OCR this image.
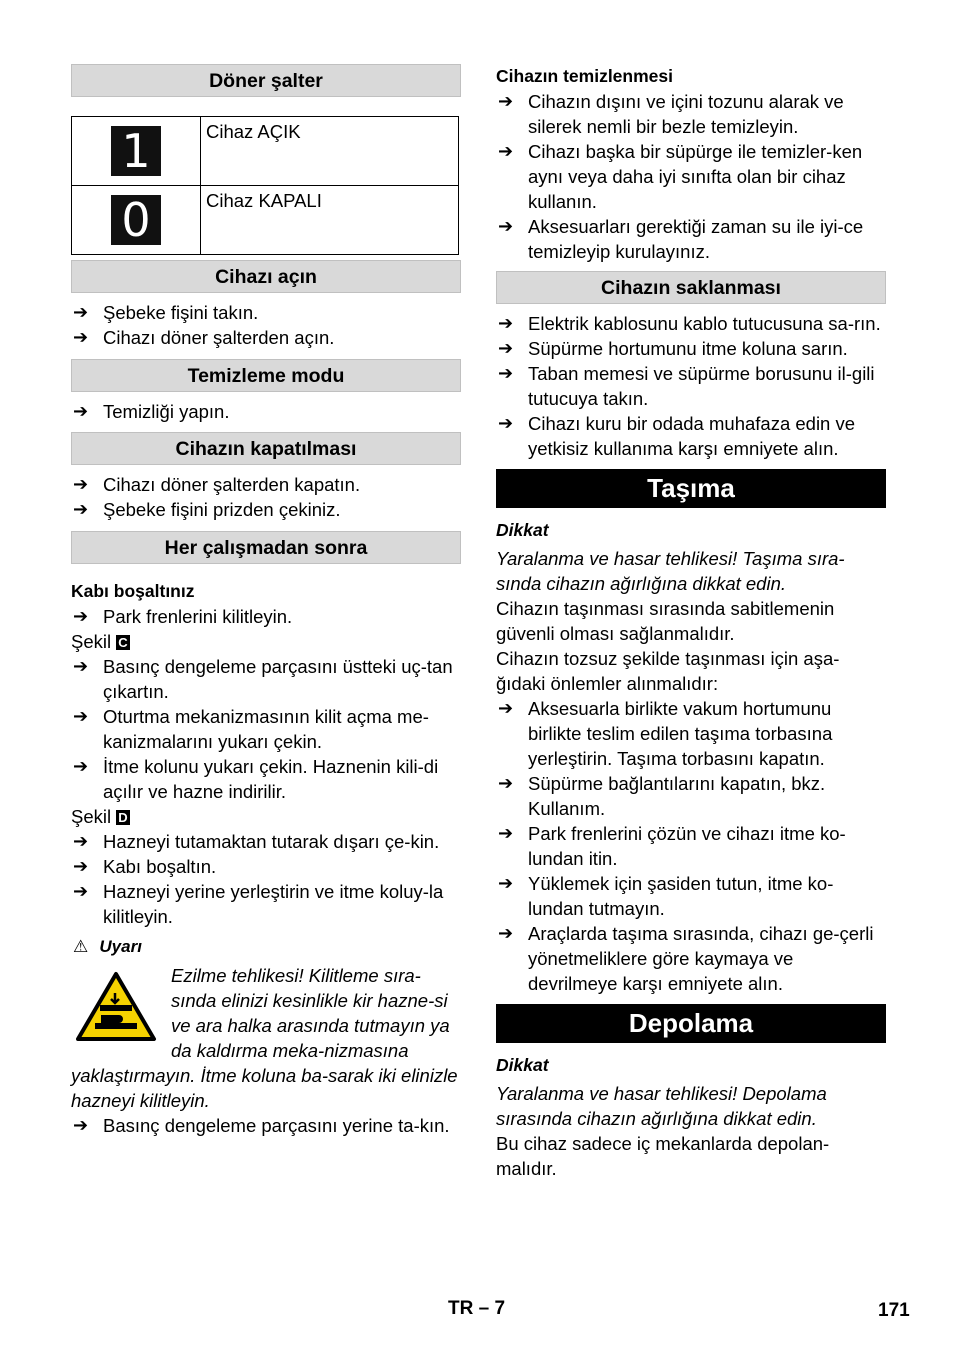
Döner şalter
1	Cihaz AÇIK
0	Cihaz KAPALI
Cihazı açın
➔ Şebeke fişini takın.
➔ Cihazı döner şalterden açın.
Temizleme modu
➔ Temizliği yapın.
Cihazın kapatılması
➔ Cihazı döner şalterden kapatın.
➔ Şebeke fişini prizden çekiniz.
Her çalışmadan sonra
Kabı boşaltınız
➔ Park frenlerini kilitleyin.
Şekil C
➔ Basınç dengeleme parçasını üstteki uç-tan çıkartın.
➔ Oturtma mekanizmasının kilit açma me-kanizmalarını yukarı çekin.
➔ İtme kolunu yukarı çekin. Haznenin kili-di açılır ve hazne indirilir.
Şekil D
➔ Hazneyi tutamaktan tutarak dışarı çe-kin.
➔ Kabı boşaltın.
➔ Hazneyi yerine yerleştirin ve itme koluy-la kilitleyin.
⚠ Uyarı
Ezilme tehlikesi! Kilitleme sıra-sında elinizi kesinlikle kir hazne-si ve ara halka arasında tutmayın ya da kaldırma meka-nizmasına yaklaştırmayın. İtme koluna ba-sarak iki elinizle hazneyi kilitleyin.
➔ Basınç dengeleme parçasını yerine ta-kın.
Cihazın temizlenmesi
➔ Cihazın dışını ve içini tozunu alarak ve silerek nemli bir bezle temizleyin.
➔ Cihazı başka bir süpürge ile temizler-ken aynı veya daha iyi sınıfta olan bir cihaz kullanın.
➔ Aksesuarları gerektiği zaman su ile iyi-ce temizleyip kurulayınız.
Cihazın saklanması
➔ Elektrik kablosunu kablo tutucusuna sa-rın.
➔ Süpürme hortumunu itme koluna sarın.
➔ Taban memesi ve süpürme borusunu il-gili tutucuya takın.
➔ Cihazı kuru bir odada muhafaza edin ve yetkisiz kullanıma karşı emniyete alın.
Taşıma
Dikkat
Yaralanma ve hasar tehlikesi! Taşıma sıra-sında cihazın ağırlığına dikkat edin.
Cihazın taşınması sırasında sabitlemenin güvenli olması sağlanmalıdır.
Cihazın tozsuz şekilde taşınması için aşa-ğıdaki önlemler alınmalıdır:
➔ Aksesuarla birlikte vakum hortumunu birlikte teslim edilen taşıma torbasına yerleştirin. Taşıma torbasını kapatın.
➔ Süpürme bağlantılarını kapatın, bkz. Kullanım.
➔ Park frenlerini çözün ve cihazı itme ko-lundan itin.
➔ Yüklemek için şasiden tutun, itme ko-lundan tutmayın.
➔ Araçlarda taşıma sırasında, cihazı ge-çerli yönetmeliklere göre kaymaya ve devrilmeye karşı emniyete alın.
Depolama
Dikkat
Yaralanma ve hasar tehlikesi! Depolama sırasında cihazın ağırlığına dikkat edin.
Bu cihaz sadece iç mekanlarda depolan-malıdır.
TR – 7	171
